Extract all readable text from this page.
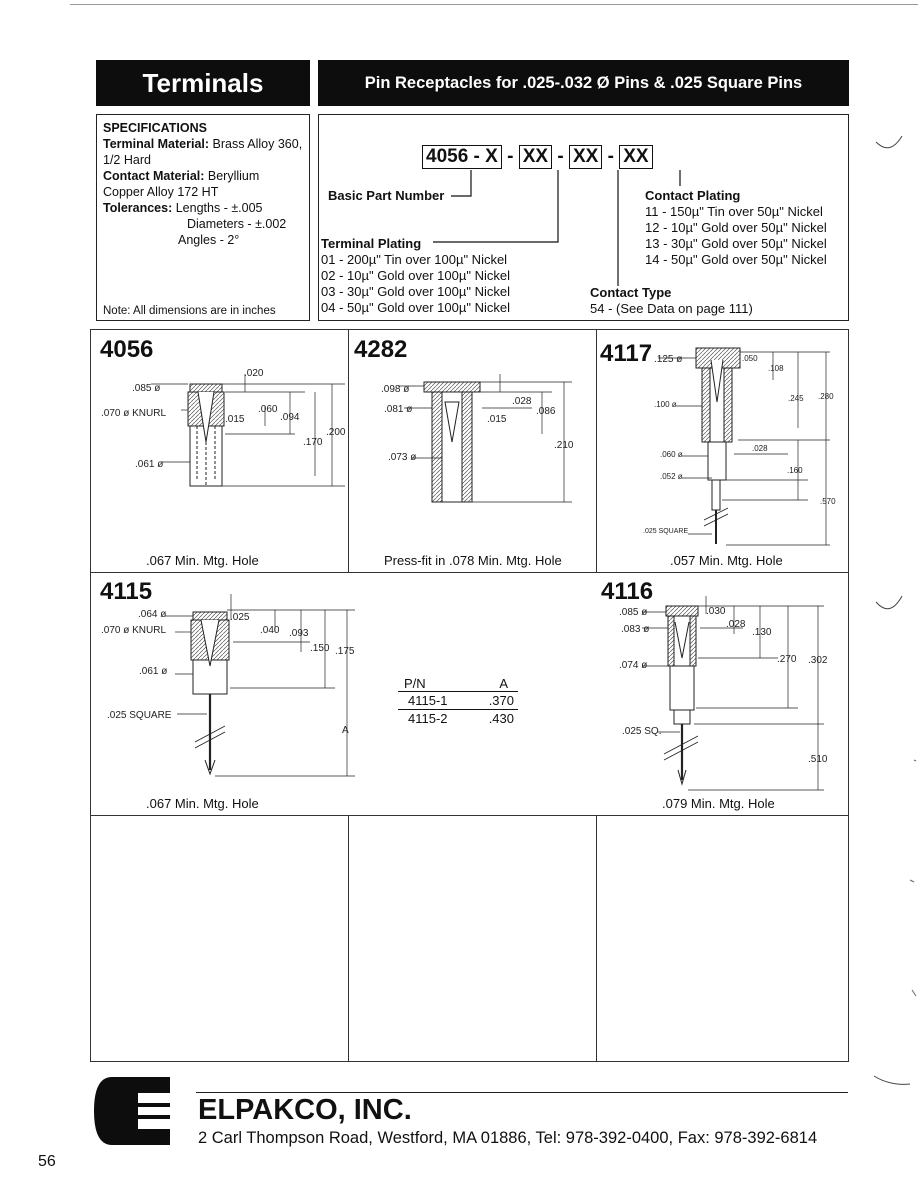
Terminals	Pin Receptacles for .025-.032 Ø Pins & .025 Square Pins
SPECIFICATIONS
Terminal Material: Brass Alloy 360, 1/2 Hard
Contact Material: Beryllium Copper Alloy 172 HT
Tolerances: Lengths - ±.005
Diameters - ±.002
Angles - 2°
Note: All dimensions are in inches
4056 - X - XX - XX - XX
Basic Part Number
Terminal Plating
01 - 200µ" Tin over 100µ" Nickel
02 - 10µ" Gold over 100µ" Nickel
03 - 30µ" Gold over 100µ" Nickel
04 - 50µ" Gold over 100µ" Nickel
Contact Plating
11 - 150µ" Tin over 50µ" Nickel
12 - 10µ" Gold over 50µ" Nickel
13 - 30µ" Gold over 50µ" Nickel
14 - 50µ" Gold over 50µ" Nickel
Contact Type
54 - (See Data on page 111)
4056
.020
.085 ø
.070 ø KNURL	.060
.015	.094
.200
.170
.061 ø
.067 Min. Mtg. Hole
4282
.098 ø
.081 ø
.028
.015
.086
.210
.073 ø
Press-fit in .078 Min. Mtg. Hole
4117 .125 ø	.050
.108
.245 .280
.100 ø
.028
.060 ø
.052 ø
.160
.570
.025 SQUARE
.057 Min. Mtg. Hole
4115
.064 ø	.025
.070 ø KNURL	.040 .093
.150 .175
.061 ø
.025 SQUARE
A
.067 Min. Mtg. Hole
P/N	A
4115-1	.370
4115-2	.430
4116
.085 ø	.030
.083 ø	.028
.130
.074 ø
.270 .302
.025 SQ.
.510
.079 Min. Mtg. Hole
ELPAKCO, INC.
2 Carl Thompson Road, Westford, MA 01886, Tel: 978-392-0400, Fax: 978-392-6814
56
